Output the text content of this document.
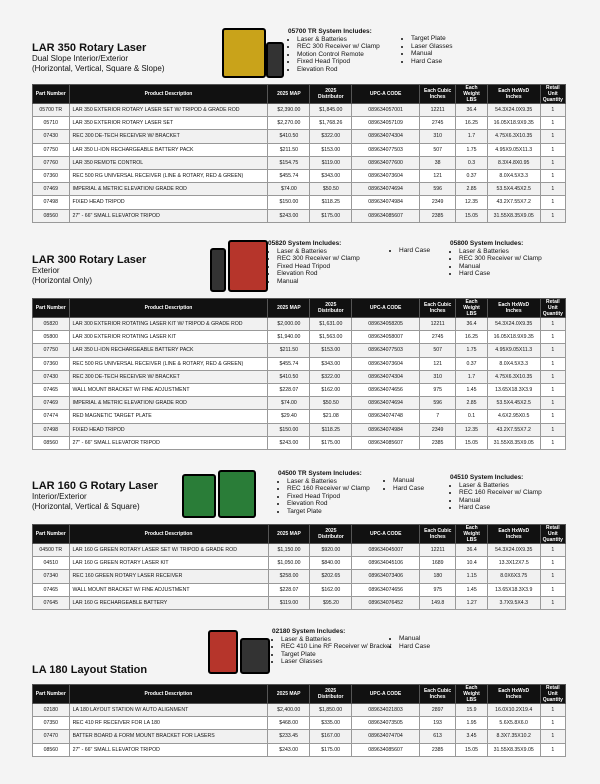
LAR 350 Rotary Laser

Dual Slope Interior/Exterior

(Horizontal, Vertical, Square & Slope)

05700 TR System Includes:
• Laser & Batteries
• REC 300 Receiver w/ Clamp
• Motion Control Remote
• Fixed Head Tripod
• Elevation Rod
• Target Plate
• Laser Glasses
• Manual
• Hard Case
Part Number	Product Description	2025 MAP	2025 Distributor	UPC-A CODE	Each Cubic Inches	Each Weight LBS	Each HxWxD Inches	Retail Unit Quantity
05700 TR	LAR 350 EXTERIOR ROTARY LASER SET W/ TRIPOD & GRADE ROD	$2,390.00	$1,845.00	089634057001	12211	36.4	54.3X24.0X9.35	1
05710	LAR 350 EXTERIOR ROTARY LASER SET	$2,270.00	$1,768.26	089634057109	2745	16.25	16.05X18.9X9.35	1
07430	REC 300 DE-TECH RECEIVER W/ BRACKET	$410.50	$322.00	089634074304	310	1.7	4.75X6.3X10.35	1
07750	LAR 350 LI-ION RECHARGEABLE BATTERY PACK	$211.50	$153.00	089634077503	507	1.75	4.95X9.05X11.3	1
07760	LAR 350 REMOTE CONTROL	$154.75	$119.00	089634077600	38	0.3	8.3X4.8X0.95	1
07360	REC 500 RG UNIVERSAL RECEIVER (LINE & ROTARY, RED & GREEN)	$455.74	$343.00	089634073604	121	0.37	8.0X4.5X3.3	1
07469	IMPERIAL & METRIC ELEVATION/ GRADE ROD	$74.00	$50.50	089634074694	596	2.85	53.5X4.45X2.5	1
07498	FIXED HEAD TRIPOD	$150.00	$118.25	089634074984	2349	12.35	43.2X7.55X7.2	1
08560	27" - 66" SMALL ELEVATOR TRIPOD	$243.00	$175.00	089634085607	2385	15.05	31.55X8.35X9.05	1

LAR 300 Rotary Laser

Exterior

(Horizontal Only)

05820 System Includes:
• Laser & Batteries
• REC 300 Receiver w/ Clamp
• Fixed Head Tripod
• Elevation Rod
• Manual
• Hard Case
05800 System Includes:
• Laser & Batteries
• REC 300 Receiver w/ Clamp
• Manual
• Hard Case
Part Number	Product Description	2025 MAP	2025 Distributor	UPC-A CODE	Each Cubic Inches	Each Weight LBS	Each HxWxD Inches	Retail Unit Quantity
05820	LAR 300 EXTERIOR ROTATING LASER KIT W/ TRIPOD & GRADE ROD	$2,000.00	$1,631.00	089634058205	12211	36.4	54.3X24.0X9.35	1
05800	LAR 300 EXTERIOR ROTATING LASER KIT	$1,940.00	$1,563.00	089634058007	2745	16.25	16.05X18.9X9.35	1
07750	LAR 350 LI-ION RECHARGEABLE BATTERY PACK	$211.50	$153.00	089634077503	507	1.75	4.95X9.05X11.3	1
07360	REC 500 RG UNIVERSAL RECEIVER (LINE & ROTARY, RED & GREEN)	$455.74	$343.00	089634073604	121	0.37	8.0X4.5X3.3	1
07430	REC 300 DE-TECH RECEIVER W/ BRACKET	$410.50	$322.00	089634074304	310	1.7	4.75X6.3X10.35	1
07465	WALL MOUNT BRACKET W/ FINE ADJUSTMENT	$228.07	$162.00	089634074656	975	1.45	13.65X18.3X3.9	1
07469	IMPERIAL & METRIC ELEVATION/ GRADE ROD	$74.00	$50.50	089634074694	596	2.85	53.5X4.45X2.5	1
07474	RED MAGNETIC TARGET PLATE	$29.40	$21.08	089634074748	7	0.1	4.6X2.95X0.5	1
07498	FIXED HEAD TRIPOD	$150.00	$118.25	089634074984	2349	12.35	43.2X7.55X7.2	1
08560	27" - 66" SMALL ELEVATOR TRIPOD	$243.00	$175.00	089634085607	2385	15.05	31.55X8.35X9.05	1

LAR 160 G Rotary Laser

Interior/Exterior

(Horizontal, Vertical & Square)

04500 TR System Includes:
• Laser & Batteries
• REC 160 Receiver w/ Clamp
• Fixed Head Tripod
• Elevation Rod
• Target Plate
• Manual
• Hard Case
04510 System Includes:
• Laser & Batteries
• REC 160 Receiver w/ Clamp
• Manual
• Hard Case
Part Number	Product Description	2025 MAP	2025 Distributor	UPC-A CODE	Each Cubic Inches	Each Weight LBS	Each HxWxD Inches	Retail Unit Quantity
04500 TR	LAR 160 G GREEN ROTARY LASER SET W/ TRIPOD & GRADE ROD	$1,150.00	$920.00	089634045007	12211	36.4	54.3X24.0X9.35	1
04510	LAR 160 G GREEN ROTARY LASER KIT	$1,050.00	$840.00	089634045106	1689	10.4	13.3X12X7.5	1
07340	REC 160 GREEN ROTARY LASER RECEIVER	$258.00	$202.65	089634073406	180	1.15	8.0X6X3.75	1
07465	WALL MOUNT BRACKET W/ FINE ADJUSTMENT	$228.07	$162.00	089634074656	975	1.45	13.65X18.3X3.9	1
07645	LAR 160 G RECHARGEABLE BATTERY	$119.00	$95.20	089634076452	149.8	1.27	3.7X9.5X4.3	1

LA 180 Layout Station

02180 System Includes:
• Laser & Batteries
• REC 410 Line RF Receiver w/ Bracket
• Target Plate
• Laser Glasses
• Manual
• Hard Case
Part Number	Product Description	2025 MAP	2025 Distributor	UPC-A CODE	Each Cubic Inches	Each Weight LBS	Each HxWxD Inches	Retail Unit Quantity
02180	LA 180 LAYOUT STATION W/ AUTO ALIGNMENT	$2,400.00	$1,850.00	089634021803	2897	15.9	16.0X10.2X19.4	1
07350	REC 410 RF RECEIVER FOR LA 180	$468.00	$335.00	089634073505	193	1.95	5.6X5.8X6.0	1
07470	BATTER BOARD & FORM MOUNT BRACKET FOR LASERS	$233.45	$167.00	089634074704	613	3.45	8.3X7.35X10.2	1
08560	27" - 66" SMALL ELEVATOR TRIPOD	$243.00	$175.00	089634085607	2385	15.05	31.55X8.35X9.05	1
